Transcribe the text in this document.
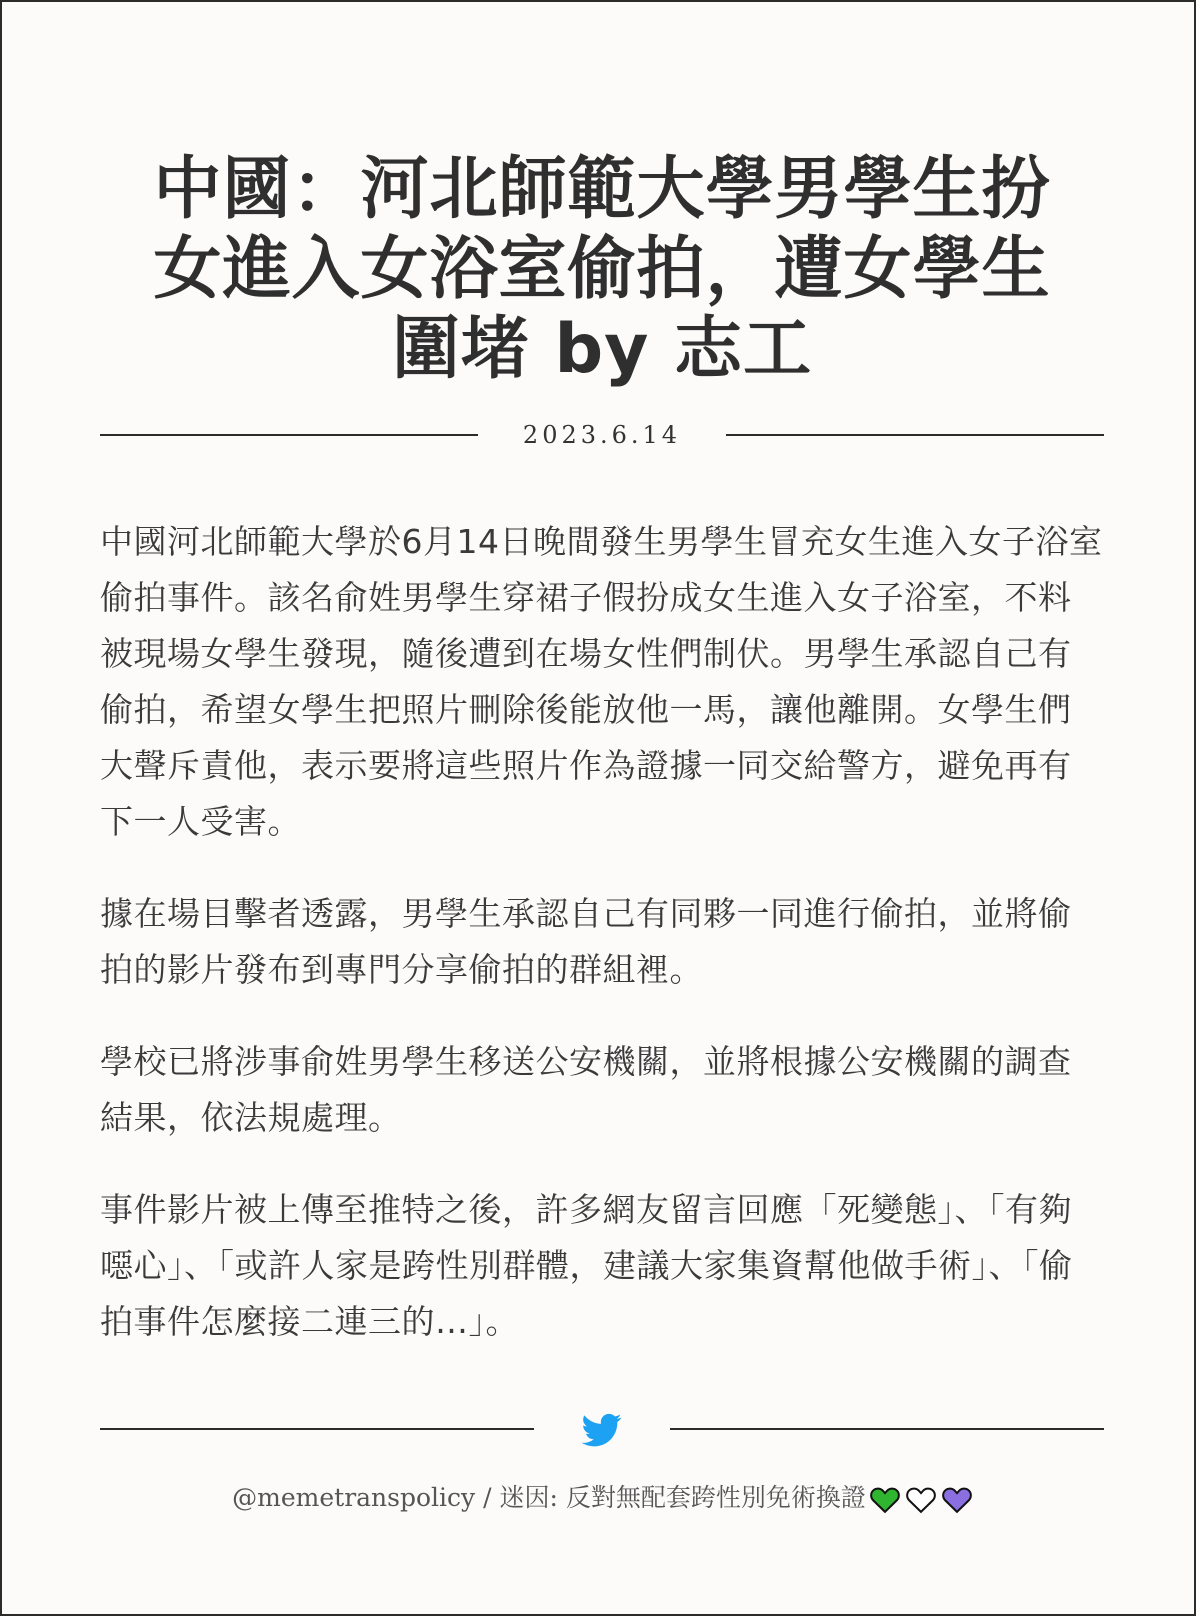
中國：河北師範大學男學生扮女進入女浴室偷拍，遭女學生圍堵 by 志工
2023.6.14

中國河北師範大學於6月14日晚間發生男學生冒充女生進入女子浴室偷拍事件。該名俞姓男學生穿裙子假扮成女生進入女子浴室，不料被現場女學生發現，隨後遭到在場女性們制伏。男學生承認自己有偷拍，希望女學生把照片刪除後能放他一馬，讓他離開。女學生們大聲斥責他，表示要將這些照片作為證據一同交給警方，避免再有下一人受害。

據在場目擊者透露，男學生承認自己有同夥一同進行偷拍，並將偷拍的影片發布到專門分享偷拍的群組裡。

學校已將涉事俞姓男學生移送公安機關，並將根據公安機關的調查結果，依法規處理。

事件影片被上傳至推特之後，許多網友留言回應「死變態」、「有夠噁心」、「或許人家是跨性別群體，建議大家集資幫他做手術」、「偷拍事件怎麼接二連三的…」。

@memetranspolicy / 迷因: 反對無配套跨性別免術換證
